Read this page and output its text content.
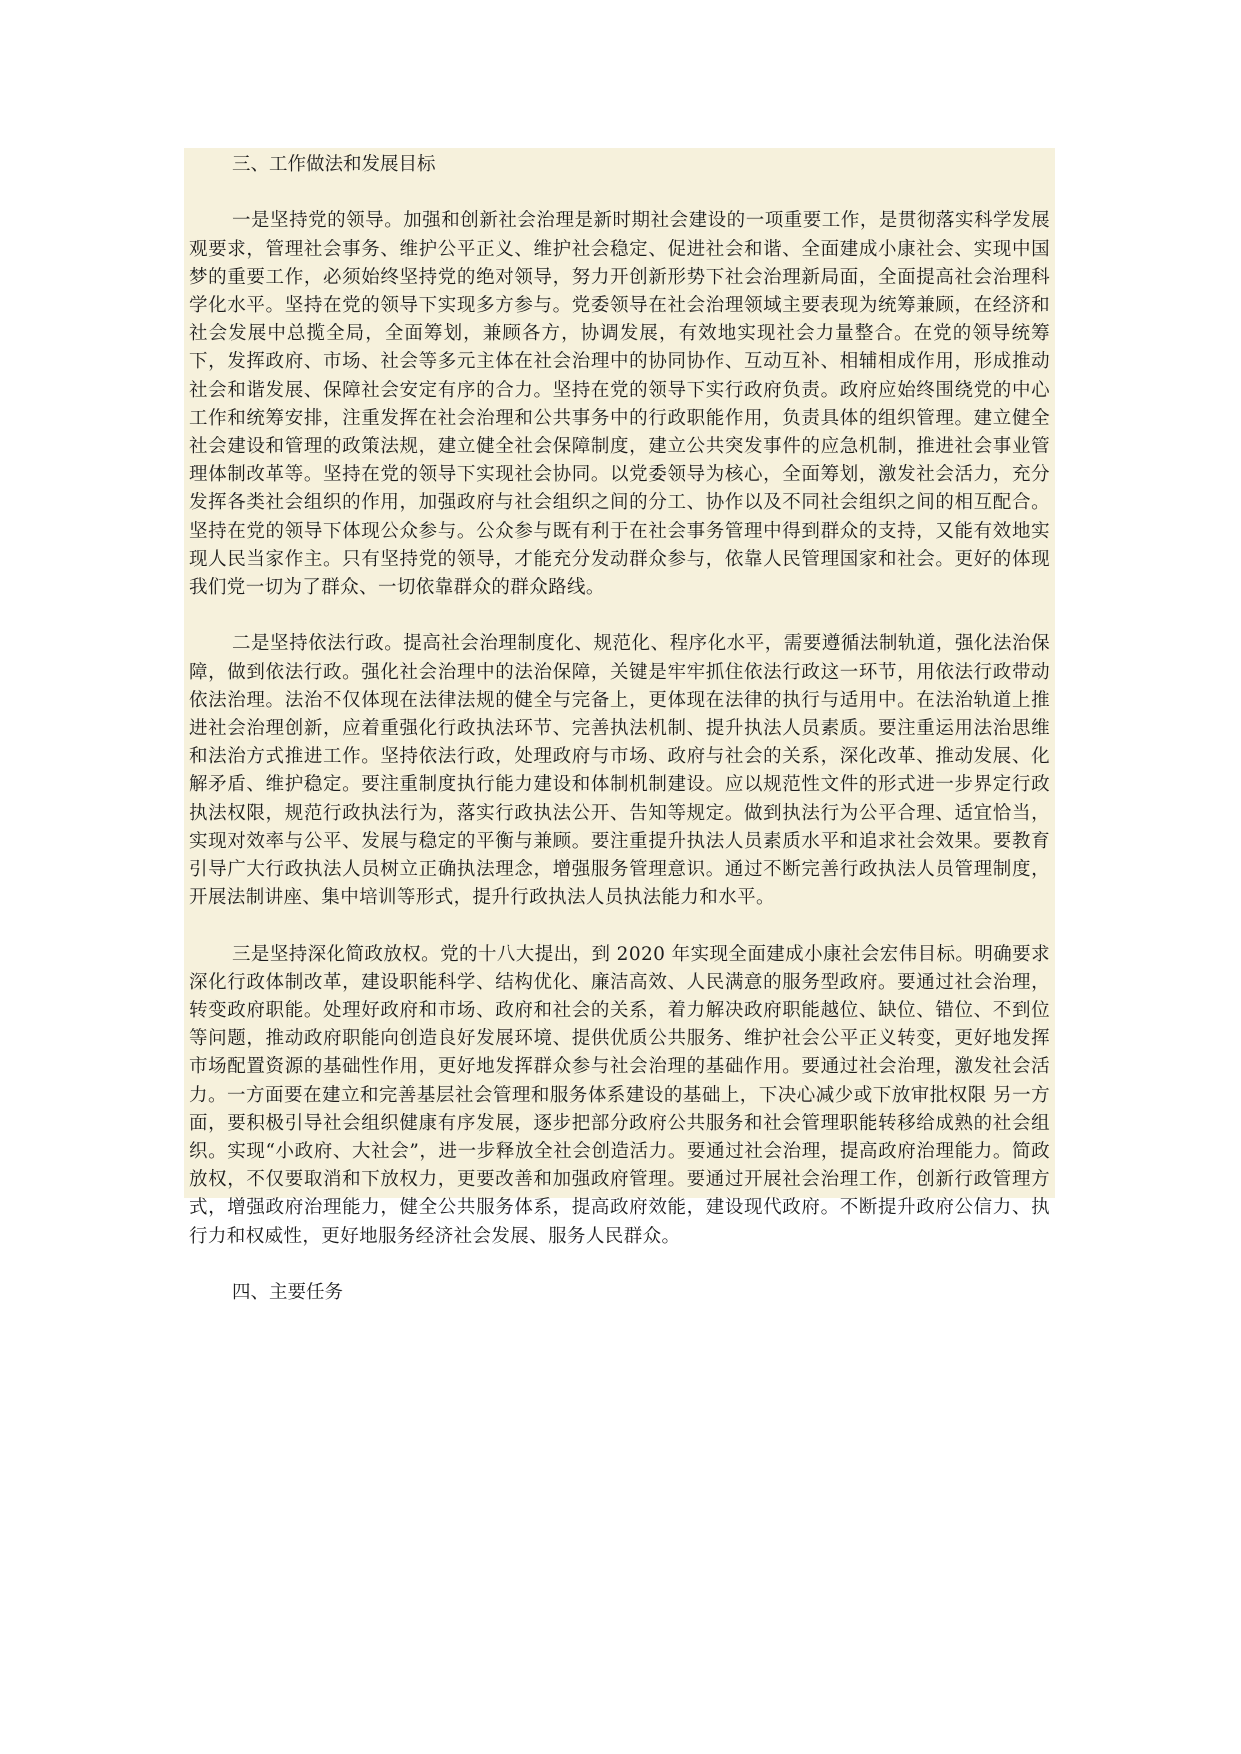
三、工作做法和发展目标

一是坚持党的领导。加强和创新社会治理是新时期社会建设的一项重要工作，是贯彻落实科学发展观要求，管理社会事务、维护公平正义、维护社会稳定、促进社会和谐、全面建成小康社会、实现中国梦的重要工作，必须始终坚持党的绝对领导，努力开创新形势下社会治理新局面，全面提高社会治理科学化水平。坚持在党的领导下实现多方参与。党委领导在社会治理领域主要表现为统筹兼顾，在经济和社会发展中总揽全局，全面筹划，兼顾各方，协调发展，有效地实现社会力量整合。在党的领导统筹下，发挥政府、市场、社会等多元主体在社会治理中的协同协作、互动互补、相辅相成作用，形成推动社会和谐发展、保障社会安定有序的合力。坚持在党的领导下实行政府负责。政府应始终围绕党的中心工作和统筹安排，注重发挥在社会治理和公共事务中的行政职能作用，负责具体的组织管理。建立健全社会建设和管理的政策法规，建立健全社会保障制度，建立公共突发事件的应急机制，推进社会事业管理体制改革等。坚持在党的领导下实现社会协同。以党委领导为核心，全面筹划，激发社会活力，充分发挥各类社会组织的作用，加强政府与社会组织之间的分工、协作以及不同社会组织之间的相互配合。坚持在党的领导下体现公众参与。公众参与既有利于在社会事务管理中得到群众的支持，又能有效地实现人民当家作主。只有坚持党的领导，才能充分发动群众参与，依靠人民管理国家和社会。更好的体现我们党一切为了群众、一切依靠群众的群众路线。

二是坚持依法行政。提高社会治理制度化、规范化、程序化水平，需要遵循法制轨道，强化法治保障，做到依法行政。强化社会治理中的法治保障，关键是牢牢抓住依法行政这一环节，用依法行政带动依法治理。法治不仅体现在法律法规的健全与完备上，更体现在法律的执行与适用中。在法治轨道上推进社会治理创新，应着重强化行政执法环节、完善执法机制、提升执法人员素质。要注重运用法治思维和法治方式推进工作。坚持依法行政，处理政府与市场、政府与社会的关系，深化改革、推动发展、化解矛盾、维护稳定。要注重制度执行能力建设和体制机制建设。应以规范性文件的形式进一步界定行政执法权限，规范行政执法行为，落实行政执法公开、告知等规定。做到执法行为公平合理、适宜恰当，实现对效率与公平、发展与稳定的平衡与兼顾。要注重提升执法人员素质水平和追求社会效果。要教育引导广大行政执法人员树立正确执法理念，增强服务管理意识。通过不断完善行政执法人员管理制度，开展法制讲座、集中培训等形式，提升行政执法人员执法能力和水平。

三是坚持深化简政放权。党的十八大提出，到 2020 年实现全面建成小康社会宏伟目标。明确要求深化行政体制改革，建设职能科学、结构优化、廉洁高效、人民满意的服务型政府。要通过社会治理，转变政府职能。处理好政府和市场、政府和社会的关系，着力解决政府职能越位、缺位、错位、不到位等问题，推动政府职能向创造良好发展环境、提供优质公共服务、维护社会公平正义转变，更好地发挥市场配置资源的基础性作用，更好地发挥群众参与社会治理的基础作用。要通过社会治理，激发社会活力。一方面要在建立和完善基层社会管理和服务体系建设的基础上，下决心减少或下放审批权限 另一方面，要积极引导社会组织健康有序发展，逐步把部分政府公共服务和社会管理职能转移给成熟的社会组织。实现“小政府、大社会”，进一步释放全社会创造活力。要通过社会治理，提高政府治理能力。简政放权，不仅要取消和下放权力，更要改善和加强政府管理。要通过开展社会治理工作，创新行政管理方式，增强政府治理能力，健全公共服务体系，提高政府效能，建设现代政府。不断提升政府公信力、执行力和权威性，更好地服务经济社会发展、服务人民群众。

四、主要任务
